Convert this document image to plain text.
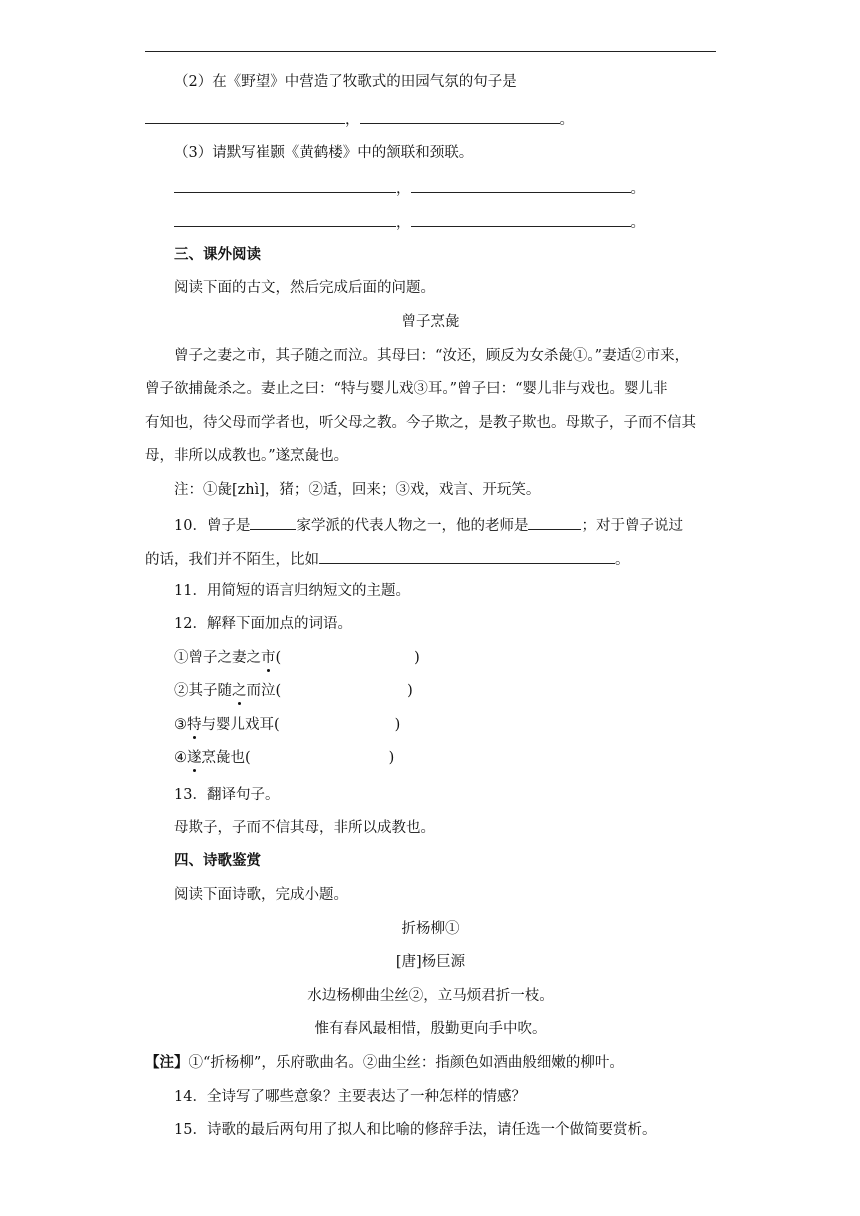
（2）在《野望》中营造了牧歌式的田园气氛的句子是
，	。
（3）请默写崔颢《黄鹤楼》中的颔联和颈联。
，	。
，	。
三、课外阅读
阅读下面的古文，然后完成后面的问题。
曾子烹彘
曾子之妻之市，其子随之而泣。其母曰：“汝还，顾反为女杀彘①。”妻适②市来，
曾子欲捕彘杀之。妻止之曰：“特与婴儿戏③耳。”曾子曰：“婴儿非与戏也。婴儿非
有知也，待父母而学者也，听父母之教。今子欺之，是教子欺也。母欺子，子而不信其
母，非所以成教也。”遂烹彘也。
注：①彘[zhì]，猪；②适，回来；③戏，戏言、开玩笑。
10．曾子是	家学派的代表人物之一，他的老师是	；对于曾子说过
的话，我们并不陌生，比如	。
11．用简短的语言归纳短文的主题。
12．解释下面加点的词语。
①曾子之妻之市(	)
②其子随之而泣(	)
③特与婴儿戏耳(	)
④遂烹彘也(	)
13．翻译句子。
母欺子，子而不信其母，非所以成教也。
四、诗歌鉴赏
阅读下面诗歌，完成小题。
折杨柳①
[唐]杨巨源
水边杨柳曲尘丝②，立马烦君折一枝。
惟有春风最相惜，殷勤更向手中吹。
【注】①“折杨柳”，乐府歌曲名。②曲尘丝：指颜色如酒曲般细嫩的柳叶。
14．全诗写了哪些意象？主要表达了一种怎样的情感？
15．诗歌的最后两句用了拟人和比喻的修辞手法，请任选一个做简要赏析。
